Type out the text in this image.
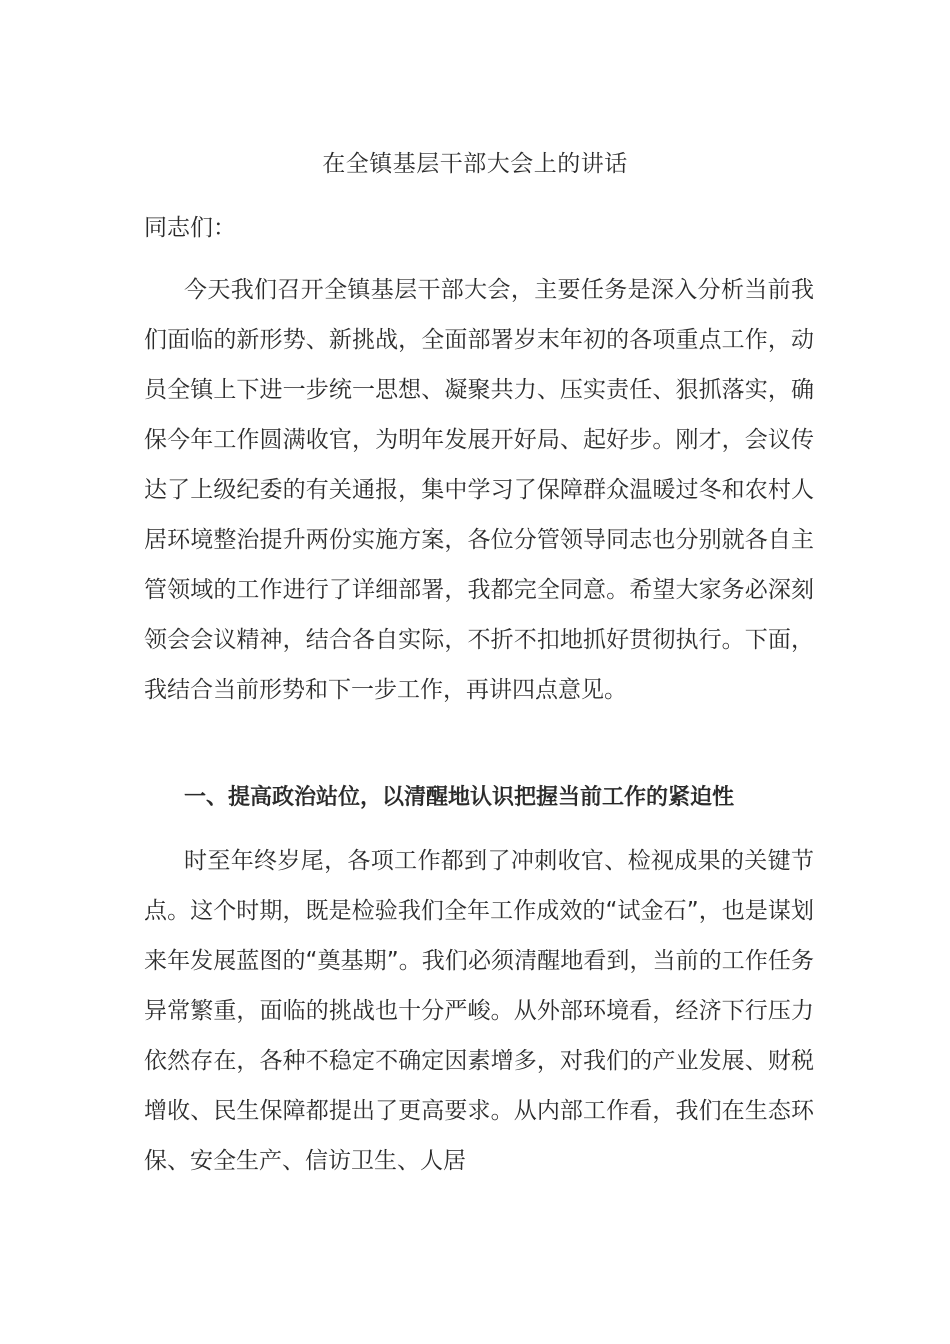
在全镇基层干部大会上的讲话
同志们：

今天我们召开全镇基层干部大会，主要任务是深入分析当前我们面临的新形势、新挑战，全面部署岁末年初的各项重点工作，动员全镇上下进一步统一思想、凝聚共力、压实责任、狠抓落实，确保今年工作圆满收官，为明年发展开好局、起好步。刚才，会议传达了上级纪委的有关通报，集中学习了保障群众温暖过冬和农村人居环境整治提升两份实施方案，各位分管领导同志也分别就各自主管领域的工作进行了详细部署，我都完全同意。希望大家务必深刻领会会议精神，结合各自实际，不折不扣地抓好贯彻执行。下面，我结合当前形势和下一步工作，再讲四点意见。

一、提高政治站位，以清醒地认识把握当前工作的紧迫性

时至年终岁尾，各项工作都到了冲刺收官、检视成果的关键节点。这个时期，既是检验我们全年工作成效的“试金石”，也是谋划来年发展蓝图的“奠基期”。我们必须清醒地看到，当前的工作任务异常繁重，面临的挑战也十分严峻。从外部环境看，经济下行压力依然存在，各种不稳定不确定因素增多，对我们的产业发展、财税增收、民生保障都提出了更高要求。从内部工作看，我们在生态环保、安全生产、信访卫生、人居
